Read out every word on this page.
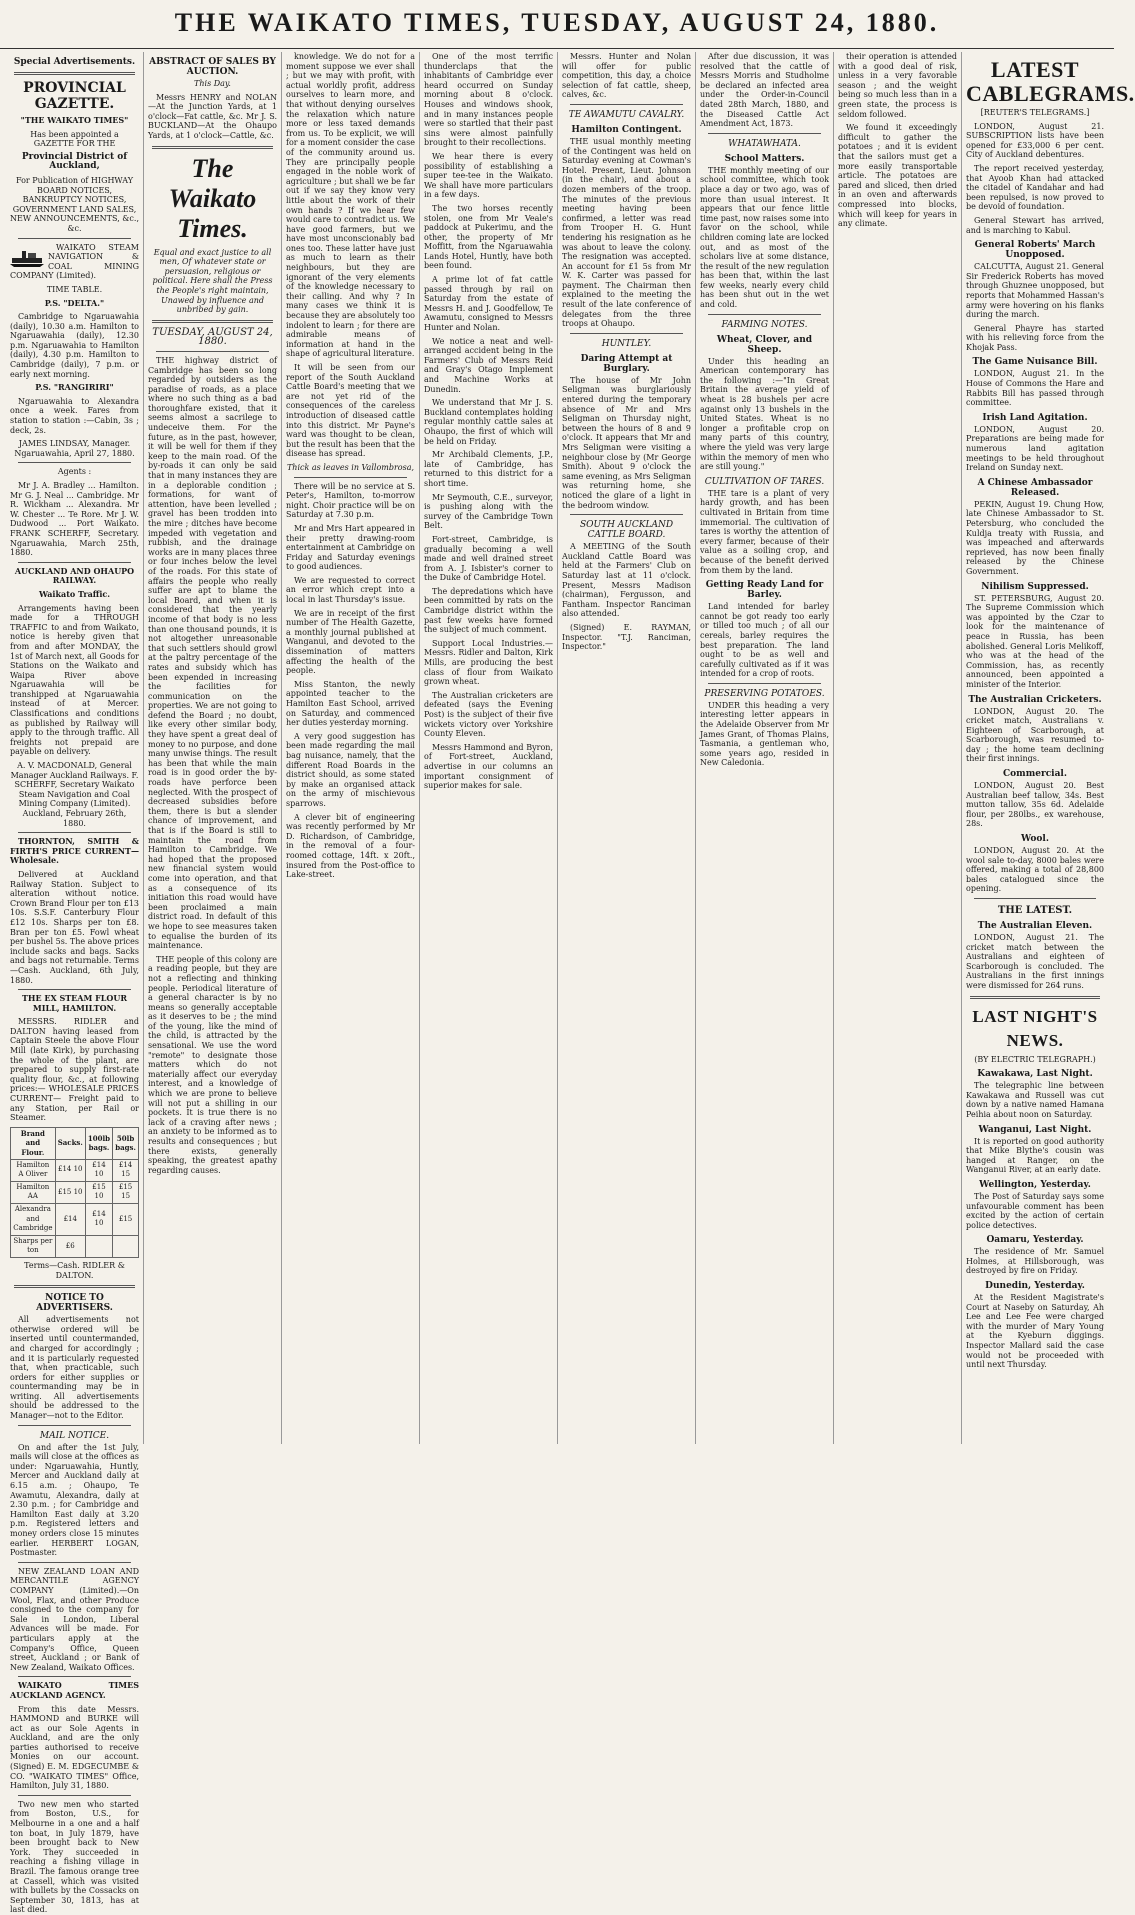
THE WAIKATO TIMES, TUESDAY, AUGUST 24, 1880.
Special Advertisements.

PROVINCIAL GAZETTE.

"THE WAIKATO TIMES"

Has been appointed a GAZETTE FOR THE

Provincial District of Auckland,

For Publication of HIGHWAY BOARD NOTICES, BANKRUPTCY NOTICES, GOVERNMENT LAND SALES, NEW ANNOUNCEMENTS, &c., &c.

WAIKATO STEAM NAVIGATION & COAL MINING COMPANY (Limited).

TIME TABLE.

P.S. "DELTA."

Cambridge to Ngaruawahia (daily), 10.30 a.m. Hamilton to Ngaruawahia (daily), 12.30 p.m. Ngaruawahia to Hamilton (daily), 4.30 p.m. Hamilton to Cambridge (daily), 7 p.m. or early next morning.

P.S. "RANGIRIRI"

Ngaruawahia to Alexandra once a week. Fares from station to station :—Cabin, 3s ; deck, 2s.

JAMES LINDSAY, Manager. Ngaruawahia, April 27, 1880.

Agents :

Mr J. A. Bradley ... Hamilton. Mr G. J. Neal ... Cambridge. Mr R. Wickham ... Alexandra. Mr W. Chester ... Te Rore. Mr J. W. Dudwood ... Port Waikato. FRANK SCHERFF, Secretary. Ngaruawahia, March 25th, 1880.

AUCKLAND AND OHAUPO RAILWAY.

Waikato Traffic.

Arrangements having been made for a THROUGH TRAFFIC to and from Waikato, notice is hereby given that from and after MONDAY, the 1st of March next, all Goods for Stations on the Waikato and Waipa River above Ngaruawahia will be transhipped at Ngaruawahia instead of at Mercer. Classifications and conditions as published by Railway will apply to the through traffic. All freights not prepaid are payable on delivery.

A. V. MACDONALD, General Manager Auckland Railways. F. SCHERFF, Secretary Waikato Steam Navigation and Coal Mining Company (Limited). Auckland, February 26th, 1880.

THORNTON, SMITH & FIRTH'S PRICE CURRENT—Wholesale.

Delivered at Auckland Railway Station. Subject to alteration without notice. Crown Brand Flour per ton £13 10s. S.S.F. Canterbury Flour £12 10s. Sharps per ton £8. Bran per ton £5. Fowl wheat per bushel 5s. The above prices include sacks and bags. Sacks and bags not returnable. Terms—Cash. Auckland, 6th July, 1880.

THE EX STEAM FLOUR MILL, HAMILTON.

MESSRS. RIDLER and DALTON having leased from Captain Steele the above Flour Mill (late Kirk), by purchasing the whole of the plant, are prepared to supply first-rate quality flour, &c., at following prices:— WHOLESALE PRICES CURRENT— Freight paid to any Station, per Rail or Steamer.

Brand and Flour.	Sacks.	100lb bags.	50lb bags.
Hamilton A Oliver	£14 10	£14 10	£14 15
Hamilton AA	£15 10	£15 10	£15 15
Alexandra and Cambridge	£14	£14 10	£15
Sharps per ton	£6		

Terms—Cash. RIDLER & DALTON.

NOTICE TO ADVERTISERS.

All advertisements not otherwise ordered will be inserted until countermanded, and charged for accordingly ; and it is particularly requested that, when practicable, such orders for either supplies or countermanding may be in writing. All advertisements should be addressed to the Manager—not to the Editor.

MAIL NOTICE.

On and after the 1st July, mails will close at the offices as under: Ngaruawahia, Huntly, Mercer and Auckland daily at 6.15 a.m. ; Ohaupo, Te Awamutu, Alexandra, daily at 2.30 p.m. ; for Cambridge and Hamilton East daily at 3.20 p.m. Registered letters and money orders close 15 minutes earlier. HERBERT LOGAN, Postmaster.

NEW ZEALAND LOAN AND MERCANTILE AGENCY COMPANY (Limited).—On Wool, Flax, and other Produce consigned to the company for Sale in London, Liberal Advances will be made. For particulars apply at the Company's Office, Queen street, Auckland ; or Bank of New Zealand, Waikato Offices.

WAIKATO TIMES AUCKLAND AGENCY.

From this date Messrs. HAMMOND and BURKE will act as our Sole Agents in Auckland, and are the only parties authorised to receive Monies on our account. (Signed) E. M. EDGECUMBE & CO. "WAIKATO TIMES" Office, Hamilton, July 31, 1880.

Two new men who started from Boston, U.S., for Melbourne in a one and a half ton boat, in July 1879, have been brought back to New York. They succeeded in reaching a fishing village in Brazil. The famous orange tree at Cassell, which was visited with bullets by the Cossacks on September 30, 1813, has at last died.

ABSTRACT OF SALES BY AUCTION.

This Day.

Messrs HENRY and NOLAN—At the Junction Yards, at 1 o'clock—Fat cattle, &c. Mr J. S. BUCKLAND—At the Ohaupo Yards, at 1 o'clock—Cattle, &c.

The Waikato Times.

Equal and exact justice to all men, Of whatever state or persuasion, religious or political. Here shall the Press the People's right maintain, Unawed by influence and unbribed by gain.

TUESDAY, AUGUST 24, 1880.

THE highway district of Cambridge has been so long regarded by outsiders as the paradise of roads, as a place where no such thing as a bad thoroughfare existed, that it seems almost a sacrilege to undeceive them. For the future, as in the past, however, it will be well for them if they keep to the main road. Of the by-roads it can only be said that in many instances they are in a deplorable condition ; formations, for want of attention, have been levelled ; gravel has been trodden into the mire ; ditches have become impeded with vegetation and rubbish, and the drainage works are in many places three or four inches below the level of the roads. For this state of affairs the people who really suffer are apt to blame the local Board, and when it is considered that the yearly income of that body is no less than one thousand pounds, it is not altogether unreasonable that such settlers should growl at the paltry percentage of the rates and subsidy which has been expended in increasing the facilities for communication on the properties. We are not going to defend the Board ; no doubt, like every other similar body, they have spent a great deal of money to no purpose, and done many unwise things. The result has been that while the main road is in good order the by-roads have perforce been neglected. With the prospect of decreased subsidies before them, there is but a slender chance of improvement, and that is if the Board is still to maintain the road from Hamilton to Cambridge. We had hoped that the proposed new financial system would come into operation, and that as a consequence of its initiation this road would have been proclaimed a main district road. In default of this we hope to see measures taken to equalise the burden of its maintenance.

THE people of this colony are a reading people, but they are not a reflecting and thinking people. Periodical literature of a general character is by no means so generally acceptable as it deserves to be ; the mind of the young, like the mind of the child, is attracted by the sensational. We use the word "remote" to designate those matters which do not materially affect our everyday interest, and a knowledge of which we are prone to believe will not put a shilling in our pockets. It is true there is no lack of a craving after news ; an anxiety to be informed as to results and consequences ; but there exists, generally speaking, the greatest apathy regarding causes.

knowledge. We do not for a moment suppose we ever shall ; but we may with profit, with actual worldly profit, address ourselves to learn more, and that without denying ourselves the relaxation which nature more or less taxed demands from us. To be explicit, we will for a moment consider the case of the community around us. They are principally people engaged in the noble work of agriculture ; but shall we be far out if we say they know very little about the work of their own hands ? If we hear few would care to contradict us. We have good farmers, but we have most unconscionably bad ones too. These latter have just as much to learn as their neighbours, but they are ignorant of the very elements of the knowledge necessary to their calling. And why ? In many cases we think it is because they are absolutely too indolent to learn ; for there are admirable means of information at hand in the shape of agricultural literature.

It will be seen from our report of the South Auckland Cattle Board's meeting that we are not yet rid of the consequences of the careless introduction of diseased cattle into this district. Mr Payne's ward was thought to be clean, but the result has been that the disease has spread.

Thick as leaves in Vallombrosa,

There will be no service at S. Peter's, Hamilton, to-morrow night. Choir practice will be on Saturday at 7.30 p.m.

Mr and Mrs Hart appeared in their pretty drawing-room entertainment at Cambridge on Friday and Saturday evenings to good audiences.

We are requested to correct an error which crept into a local in last Thursday's issue.

We are in receipt of the first number of The Health Gazette, a monthly journal published at Wanganui, and devoted to the dissemination of matters affecting the health of the people.

Miss Stanton, the newly appointed teacher to the Hamilton East School, arrived on Saturday, and commenced her duties yesterday morning.

A very good suggestion has been made regarding the mail bag nuisance, namely, that the different Road Boards in the district should, as some stated by make an organised attack on the army of mischievous sparrows.

A clever bit of engineering was recently performed by Mr D. Richardson, of Cambridge, in the removal of a four-roomed cottage, 14ft. x 20ft., insured from the Post-office to Lake-street.

One of the most terrific thunderclaps that the inhabitants of Cambridge ever heard occurred on Sunday morning about 8 o'clock. Houses and windows shook, and in many instances people were so startled that their past sins were almost painfully brought to their recollections.

We hear there is every possibility of establishing a super tee-tee in the Waikato. We shall have more particulars in a few days.

The two horses recently stolen, one from Mr Veale's paddock at Pukerimu, and the other, the property of Mr Moffitt, from the Ngaruawahia Lands Hotel, Huntly, have both been found.

A prime lot of fat cattle passed through by rail on Saturday from the estate of Messrs H. and J. Goodfellow, Te Awamutu, consigned to Messrs Hunter and Nolan.

We notice a neat and well-arranged accident being in the Farmers' Club of Messrs Reid and Gray's Otago Implement and Machine Works at Dunedin.

We understand that Mr J. S. Buckland contemplates holding regular monthly cattle sales at Ohaupo, the first of which will be held on Friday.

Mr Archibald Clements, J.P., late of Cambridge, has returned to this district for a short time.

Mr Seymouth, C.E., surveyor, is pushing along with the survey of the Cambridge Town Belt.

Fort-street, Cambridge, is gradually becoming a well made and well drained street from A. J. Isbister's corner to the Duke of Cambridge Hotel.

The depredations which have been committed by rats on the Cambridge district within the past few weeks have formed the subject of much comment.

Support Local Industries.—Messrs. Ridler and Dalton, Kirk Mills, are producing the best class of flour from Waikato grown wheat.

The Australian cricketers are defeated (says the Evening Post) is the subject of their five wickets victory over Yorkshire County Eleven.

Messrs Hammond and Byron, of Fort-street, Auckland, advertise in our columns an important consignment of superior makes for sale.

Messrs. Hunter and Nolan will offer for public competition, this day, a choice selection of fat cattle, sheep, calves, &c.

TE AWAMUTU CAVALRY.
Hamilton Contingent.

THE usual monthly meeting of the Contingent was held on Saturday evening at Cowman's Hotel. Present, Lieut. Johnson (in the chair), and about a dozen members of the troop. The minutes of the previous meeting having been confirmed, a letter was read from Trooper H. G. Hunt tendering his resignation as he was about to leave the colony. The resignation was accepted. An account for £1 5s from Mr W. K. Carter was passed for payment. The Chairman then explained to the meeting the result of the late conference of delegates from the three troops at Ohaupo.

HUNTLEY.
Daring Attempt at Burglary.

The house of Mr John Seligman was burglariously entered during the temporary absence of Mr and Mrs Seligman on Thursday night, between the hours of 8 and 9 o'clock. It appears that Mr and Mrs Seligman were visiting a neighbour close by (Mr George Smith). About 9 o'clock the same evening, as Mrs Seligman was returning home, she noticed the glare of a light in the bedroom window.

SOUTH AUCKLAND CATTLE BOARD.

A MEETING of the South Auckland Cattle Board was held at the Farmers' Club on Saturday last at 11 o'clock. Present, Messrs Madison (chairman), Fergusson, and Fantham. Inspector Ranciman also attended.

(Signed) E. RAYMAN, Inspector. "T.J. Ranciman, Inspector."

After due discussion, it was resolved that the cattle of Messrs Morris and Studholme be declared an infected area under the Order-in-Council dated 28th March, 1880, and the Diseased Cattle Act Amendment Act, 1873.

WHATAWHATA.
School Matters.

THE monthly meeting of our school committee, which took place a day or two ago, was of more than usual interest. It appears that our fence little time past, now raises some into favor on the school, while children coming late are locked out, and as most of the scholars live at some distance, the result of the new regulation has been that, within the last few weeks, nearly every child has been shut out in the wet and cold.

FARMING NOTES.
Wheat, Clover, and Sheep.

Under this heading an American contemporary has the following :—"In Great Britain the average yield of wheat is 28 bushels per acre against only 13 bushels in the United States. Wheat is no longer a profitable crop on many parts of this country, where the yield was very large within the memory of men who are still young."

CULTIVATION OF TARES.

THE tare is a plant of very hardy growth, and has been cultivated in Britain from time immemorial. The cultivation of tares is worthy the attention of every farmer, because of their value as a soiling crop, and because of the benefit derived from them by the land.

Getting Ready Land for Barley.

Land intended for barley cannot be got ready too early or tilled too much ; of all our cereals, barley requires the best preparation. The land ought to be as well and carefully cultivated as if it was intended for a crop of roots.

PRESERVING POTATOES.

UNDER this heading a very interesting letter appears in the Adelaide Observer from Mr James Grant, of Thomas Plains, Tasmania, a gentleman who, some years ago, resided in New Caledonia.

their operation is attended with a good deal of risk, unless in a very favorable season ; and the weight being so much less than in a green state, the process is seldom followed.

We found it exceedingly difficult to gather the potatoes ; and it is evident that the sailors must get a more easily transportable article. The potatoes are pared and sliced, then dried in an oven and afterwards compressed into blocks, which will keep for years in any climate.

LATEST CABLEGRAMS.

[REUTER'S TELEGRAMS.]

LONDON, August 21. SUBSCRIPTION lists have been opened for £33,000 6 per cent. City of Auckland debentures.

The report received yesterday, that Ayoob Khan had attacked the citadel of Kandahar and had been repulsed, is now proved to be devoid of foundation.

General Stewart has arrived, and is marching to Kabul.

General Roberts' March Unopposed.

CALCUTTA, August 21. General Sir Frederick Roberts has moved through Ghuznee unopposed, but reports that Mohammed Hassan's army were hovering on his flanks during the march.

General Phayre has started with his relieving force from the Khojak Pass.

The Game Nuisance Bill.

LONDON, August 21. In the House of Commons the Hare and Rabbits Bill has passed through committee.

Irish Land Agitation.

LONDON, August 20. Preparations are being made for numerous land agitation meetings to be held throughout Ireland on Sunday next.

A Chinese Ambassador Released.

PEKIN, August 19. Chung How, late Chinese Ambassador to St. Petersburg, who concluded the Kuldja treaty with Russia, and was impeached and afterwards reprieved, has now been finally released by the Chinese Government.

Nihilism Suppressed.

ST. PETERSBURG, August 20. The Supreme Commission which was appointed by the Czar to look for the maintenance of peace in Russia, has been abolished. General Loris Melikoff, who was at the head of the Commission, has, as recently announced, been appointed a minister of the Interior.

The Australian Cricketers.

LONDON, August 20. The cricket match, Australians v. Eighteen of Scarborough, at Scarborough, was resumed to-day ; the home team declining their first innings.

Commercial.

LONDON, August 20. Best Australian beef tallow, 34s. Best mutton tallow, 35s 6d. Adelaide flour, per 280lbs., ex warehouse, 28s.

Wool.

LONDON, August 20. At the wool sale to-day, 8000 bales were offered, making a total of 28,800 bales catalogued since the opening.

THE LATEST.
The Australian Eleven.

LONDON, August 21. The cricket match between the Australians and eighteen of Scarborough is concluded. The Australians in the first innings were dismissed for 264 runs.

LAST NIGHT'S NEWS.

(BY ELECTRIC TELEGRAPH.)

Kawakawa, Last Night.

The telegraphic line between Kawakawa and Russell was cut down by a native named Hamana Peihia about noon on Saturday.

Wanganui, Last Night.

It is reported on good authority that Mike Blythe's cousin was hanged at Ranger, on the Wanganui River, at an early date.

Wellington, Yesterday.

The Post of Saturday says some unfavourable comment has been excited by the action of certain police detectives.

Oamaru, Yesterday.

The residence of Mr. Samuel Holmes, at Hillsborough, was destroyed by fire on Friday.

Dunedin, Yesterday.

At the Resident Magistrate's Court at Naseby on Saturday, Ah Lee and Lee Fee were charged with the murder of Mary Young at the Kyeburn diggings. Inspector Mallard said the case would not be proceeded with until next Thursday.
